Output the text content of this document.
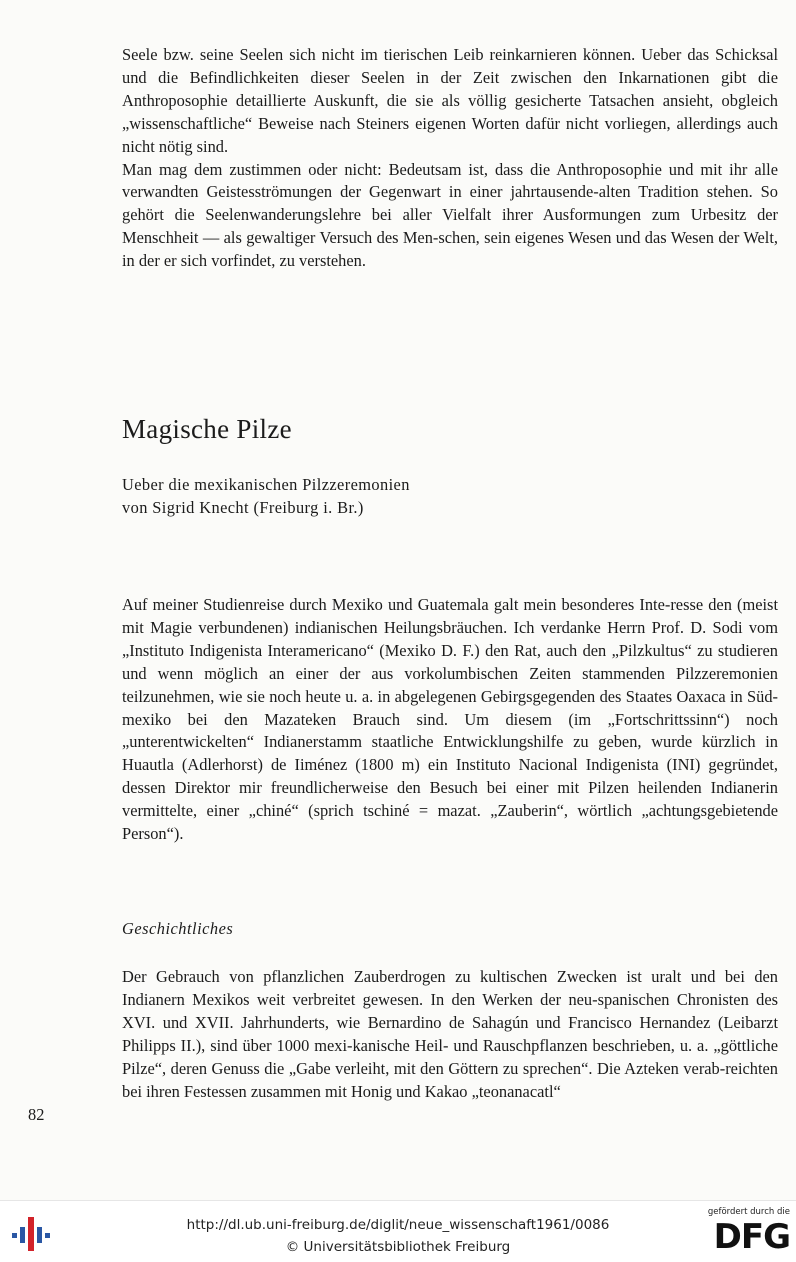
Seele bzw. seine Seelen sich nicht im tierischen Leib reinkarnieren können. Ueber das Schicksal und die Befindlichkeiten dieser Seelen in der Zeit zwischen den Inkarnationen gibt die Anthroposophie detaillierte Auskunft, die sie als völlig gesicherte Tatsachen ansieht, obgleich „wissenschaftliche“ Beweise nach Steiners eigenen Worten dafür nicht vorliegen, allerdings auch nicht nötig sind.

Man mag dem zustimmen oder nicht: Bedeutsam ist, dass die Anthroposophie und mit ihr alle verwandten Geistesströmungen der Gegenwart in einer jahrtausende-alten Tradition stehen. So gehört die Seelenwanderungslehre bei aller Vielfalt ihrer Ausformungen zum Urbesitz der Menschheit — als gewaltiger Versuch des Men-schen, sein eigenes Wesen und das Wesen der Welt, in der er sich vorfindet, zu verstehen.

Magische Pilze
Ueber die mexikanischen Pilzzeremonien
von Sigrid Knecht (Freiburg i. Br.)

Auf meiner Studienreise durch Mexiko und Guatemala galt mein besonderes Inte-resse den (meist mit Magie verbundenen) indianischen Heilungsbräuchen. Ich verdanke Herrn Prof. D. Sodi vom „Instituto Indigenista Interamericano“ (Mexiko D. F.) den Rat, auch den „Pilzkultus“ zu studieren und wenn möglich an einer der aus vorkolumbischen Zeiten stammenden Pilzzeremonien teilzunehmen, wie sie noch heute u. a. in abgelegenen Gebirgsgegenden des Staates Oaxaca in Süd-mexiko bei den Mazateken Brauch sind. Um diesem (im „Fortschrittssinn“) noch „unterentwickelten“ Indianerstamm staatliche Entwicklungshilfe zu geben, wurde kürzlich in Huautla (Adlerhorst) de Iiménez (1800 m) ein Instituto Nacional Indigenista (INI) gegründet, dessen Direktor mir freundlicherweise den Besuch bei einer mit Pilzen heilenden Indianerin vermittelte, einer „chiné“ (sprich tschiné = mazat. „Zauberin“, wörtlich „achtungsgebietende Person“).

Geschichtliches

Der Gebrauch von pflanzlichen Zauberdrogen zu kultischen Zwecken ist uralt und bei den Indianern Mexikos weit verbreitet gewesen. In den Werken der neu-spanischen Chronisten des XVI. und XVII. Jahrhunderts, wie Bernardino de Sahagún und Francisco Hernandez (Leibarzt Philipps II.), sind über 1000 mexi-kanische Heil- und Rauschpflanzen beschrieben, u. a. „göttliche Pilze“, deren Genuss die „Gabe verleiht, mit den Göttern zu sprechen“. Die Azteken verab-reichten bei ihren Festessen zusammen mit Honig und Kakao „teonanacatl“

82
http://dl.ub.uni-freiburg.de/diglit/neue_wissenschaft1961/0086
© Universitätsbibliothek Freiburg
gefördert durch die
DFG
